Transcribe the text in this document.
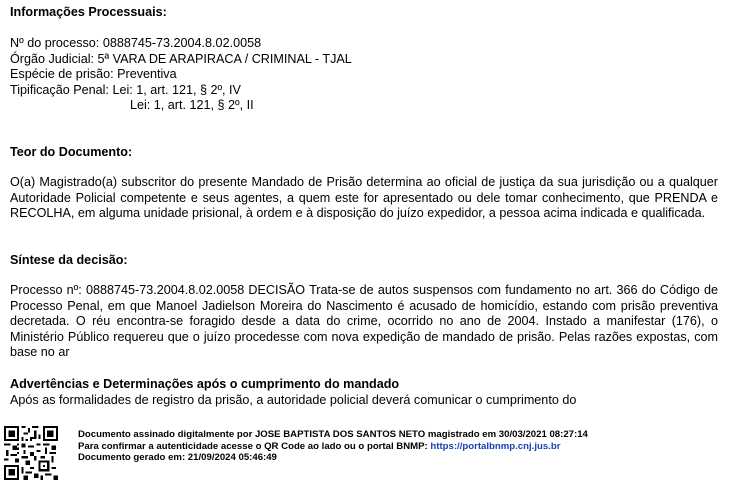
Informações Processuais:
Nº do processo: 0888745-73.2004.8.02.0058
Órgão Judicial: 5ª VARA DE ARAPIRACA / CRIMINAL - TJAL
Espécie de prisão: Preventiva
Tipificação Penal: Lei: 1, art. 121, § 2º, IV
Lei: 1, art. 121, § 2º, II
Teor do Documento:

O(a) Magistrado(a) subscritor do presente Mandado de Prisão determina ao oficial de justiça da sua jurisdição ou a qualquer Autoridade Policial competente e seus agentes, a quem este for apresentado ou dele tomar conhecimento, que PRENDA e RECOLHA, em alguma unidade prisional, à ordem e à disposição do juízo expedidor, a pessoa acima indicada e qualificada.

Síntese da decisão:

Processo nº: 0888745-73.2004.8.02.0058 DECISÃO Trata-se de autos suspensos com fundamento no art. 366 do Código de Processo Penal, em que Manoel Jadielson Moreira do Nascimento é acusado de homicídio, estando com prisão preventiva decretada. O réu encontra-se foragido desde a data do crime, ocorrido no ano de 2004. Instado a manifestar (176), o Ministério Público requereu que o juízo procedesse com nova expedição de mandado de prisão. Pelas razões expostas, com base no ar

Advertências e Determinações após o cumprimento do mandado
Após as formalidades de registro da prisão, a autoridade policial deverá comunicar o cumprimento do
Documento assinado digitalmente por JOSE BAPTISTA DOS SANTOS NETO magistrado em 30/03/2021 08:27:14
Para confirmar a autenticidade acesse o QR Code ao lado ou o portal BNMP: https://portalbnmp.cnj.jus.br
Documento gerado em: 21/09/2024 05:46:49
